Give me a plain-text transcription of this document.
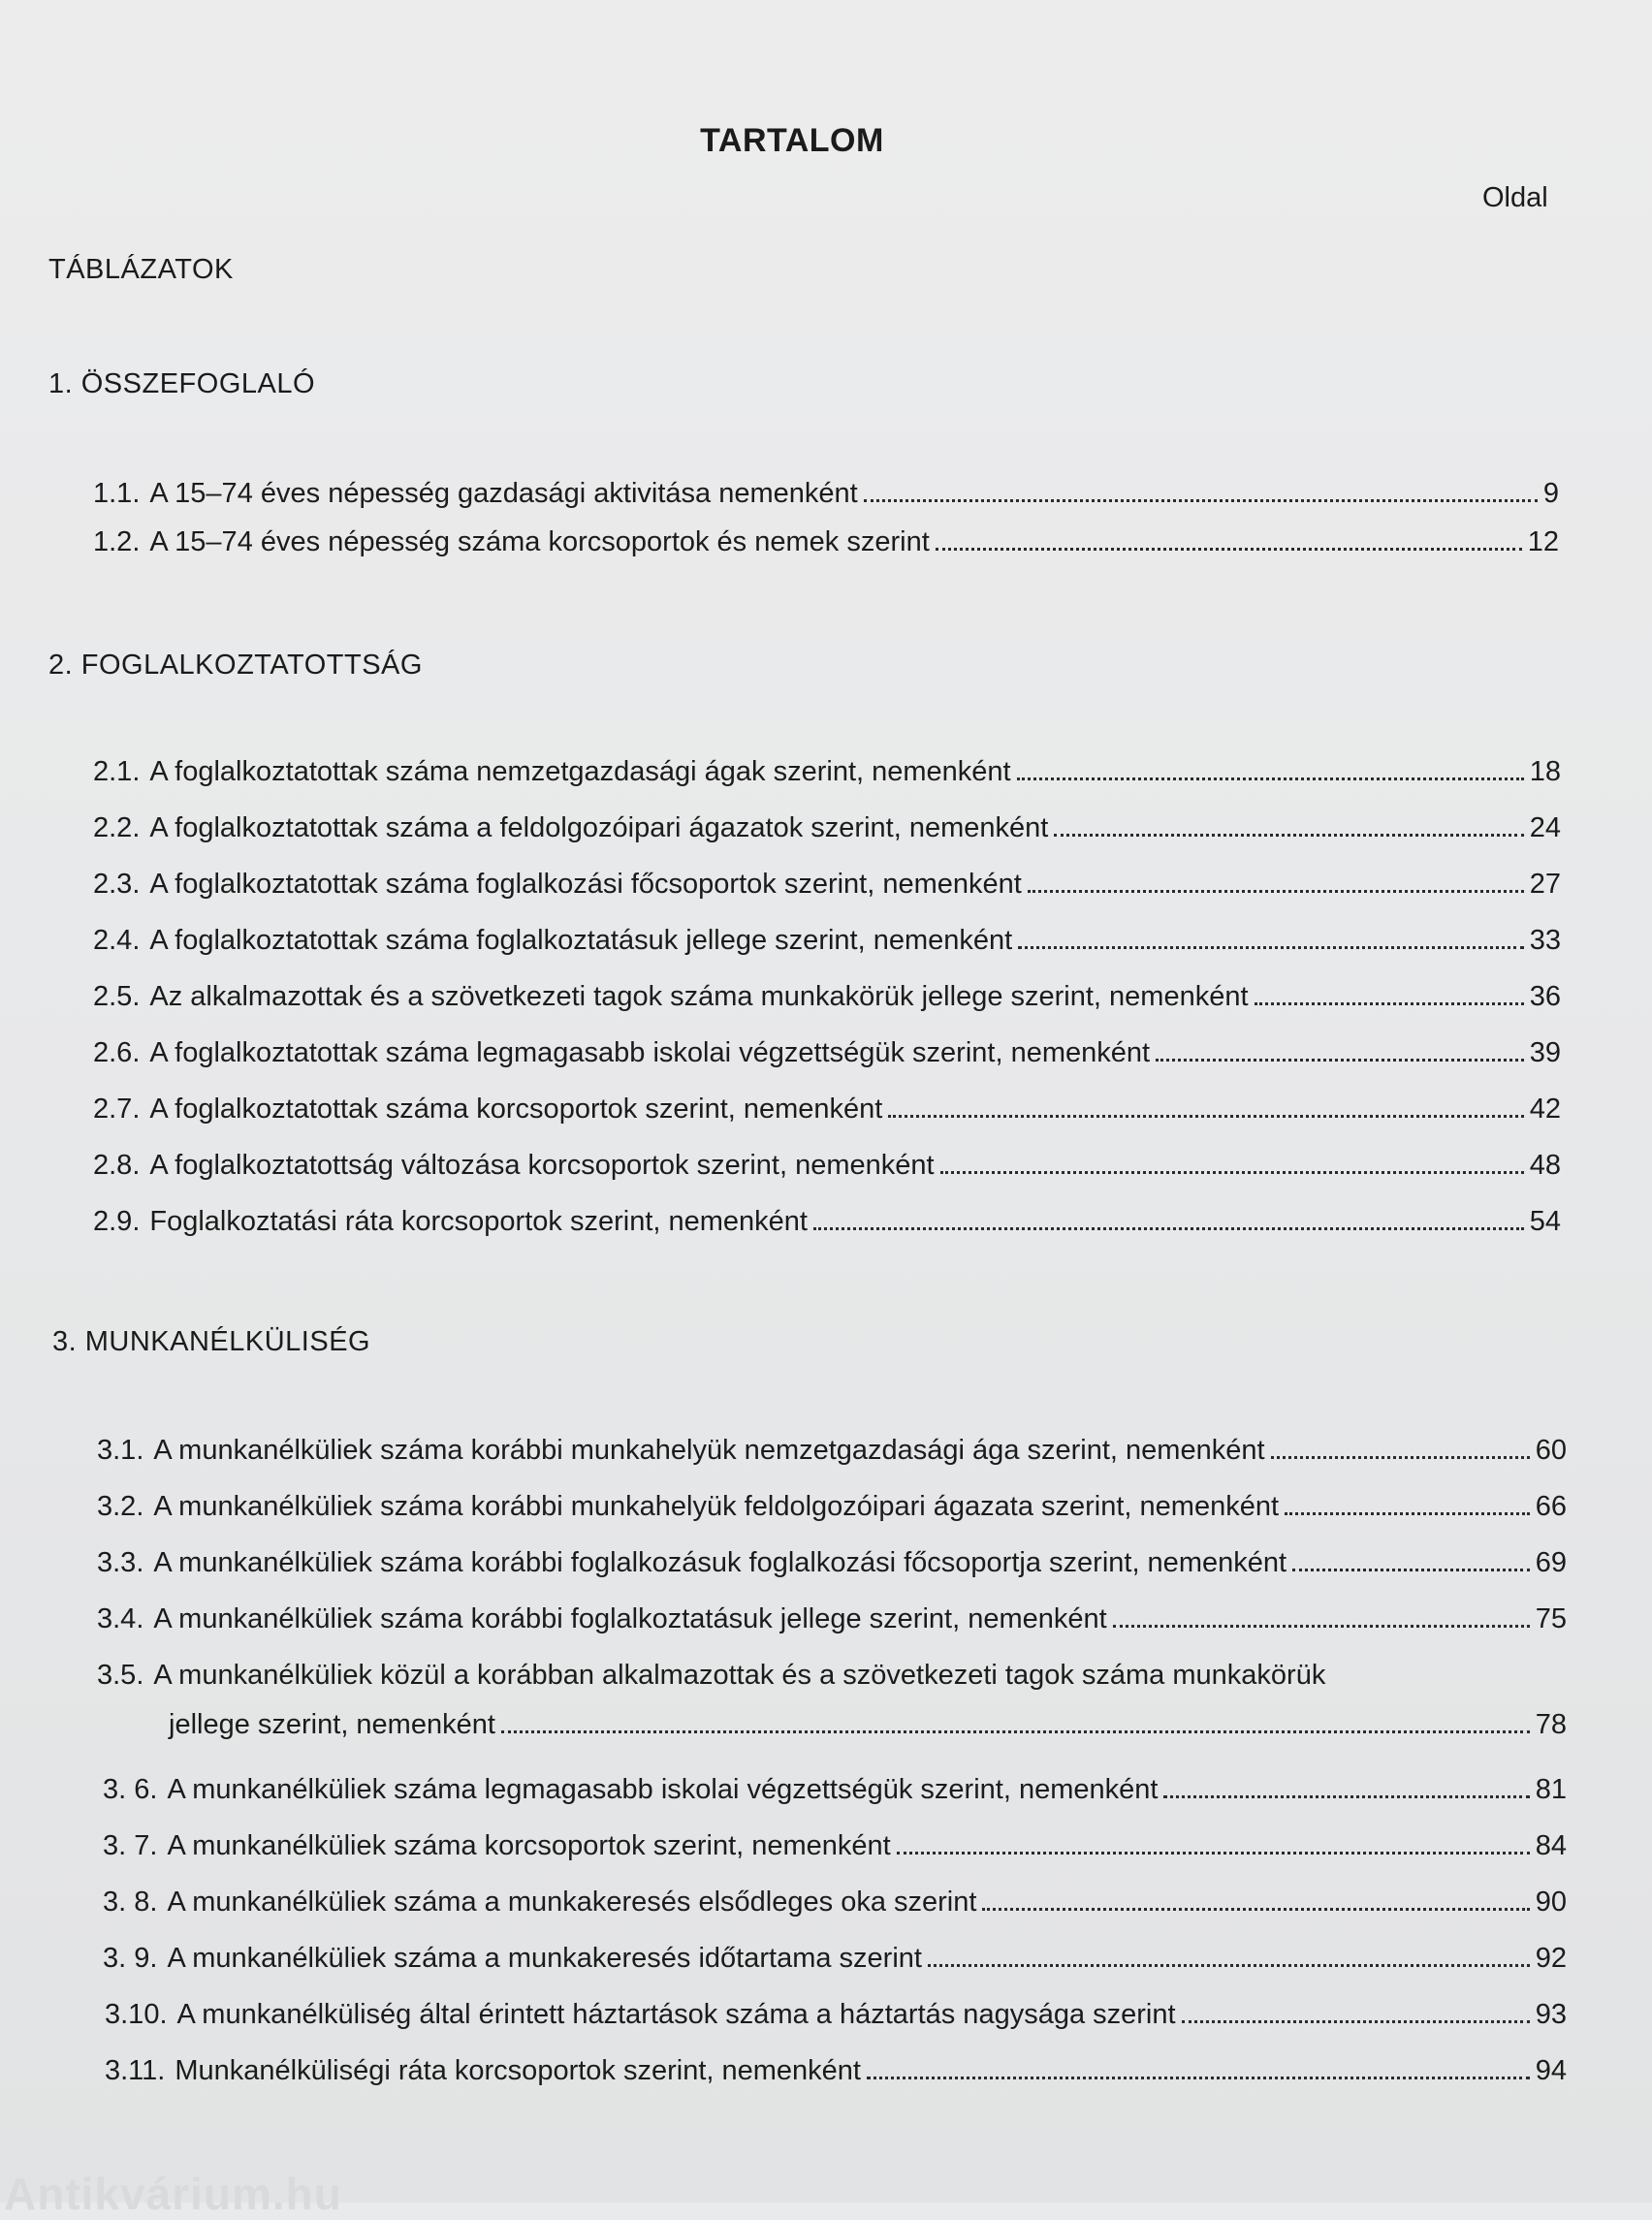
TARTALOM
Oldal
TÁBLÁZATOK
1. ÖSSZEFOGLALÓ
1.1. A 15–74 éves népesség gazdasági aktivitása nemenként	9
1.2. A 15–74 éves népesség száma korcsoportok és nemek szerint	12
2. FOGLALKOZTATOTTSÁG
2.1. A foglalkoztatottak száma nemzetgazdasági ágak szerint, nemenként	18
2.2. A foglalkoztatottak száma a feldolgozóipari ágazatok szerint, nemenként	24
2.3. A foglalkoztatottak száma foglalkozási főcsoportok szerint, nemenként	27
2.4. A foglalkoztatottak száma foglalkoztatásuk jellege szerint, nemenként	33
2.5. Az alkalmazottak és a szövetkezeti tagok száma munkakörük jellege szerint, nemenként	36
2.6. A foglalkoztatottak száma legmagasabb iskolai végzettségük szerint, nemenként	39
2.7. A foglalkoztatottak száma korcsoportok szerint, nemenként	42
2.8. A foglalkoztatottság változása korcsoportok szerint, nemenként	48
2.9. Foglalkoztatási ráta korcsoportok szerint, nemenként	54
3. MUNKANÉLKÜLISÉG
3.1. A munkanélküliek száma korábbi munkahelyük nemzetgazdasági ága szerint, nemenként	60
3.2. A munkanélküliek száma korábbi munkahelyük feldolgozóipari ágazata szerint, nemenként	66
3.3. A munkanélküliek száma korábbi foglalkozásuk foglalkozási főcsoportja szerint, nemenként	69
3.4. A munkanélküliek száma korábbi foglalkoztatásuk jellege szerint, nemenként	75
3.5. A munkanélküliek közül a korábban alkalmazottak és a szövetkezeti tagok száma munkakörük
jellege szerint, nemenként	78
3. 6. A munkanélküliek száma legmagasabb iskolai végzettségük szerint, nemenként	81
3. 7. A munkanélküliek száma korcsoportok szerint, nemenként	84
3. 8. A munkanélküliek száma a munkakeresés elsődleges oka szerint	90
3. 9. A munkanélküliek száma a munkakeresés időtartama szerint	92
3.10. A munkanélküliség által érintett háztartások száma a háztartás nagysága szerint	93
3.11. Munkanélküliségi ráta korcsoportok szerint, nemenként	94
Antikvárium.hu
